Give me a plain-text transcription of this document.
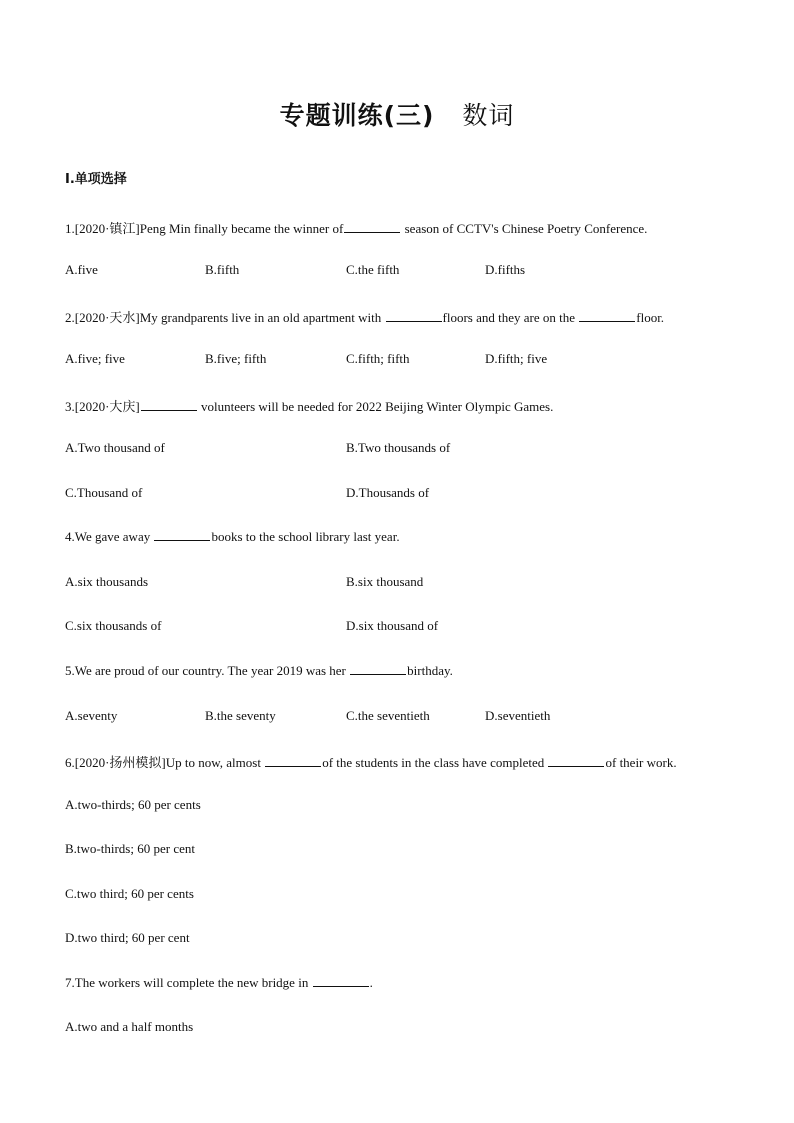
专题训练(三) 数词
Ⅰ.单项选择
1.[2020·镇江]Peng Min finally became the winner of	season of CCTV's Chinese Poetry Conference.
A.five	B.fifth	C.the fifth	D.fifths
2.[2020·天水]My grandparents live in an old apartment with	floors and they are on the	floor.
A.five; five	B.five; fifth	C.fifth; fifth	D.fifth; five
3.[2020·大庆]	volunteers will be needed for 2022 Beijing Winter Olympic Games.
A.Two thousand of	B.Two thousands of
C.Thousand of	D.Thousands of
4.We gave away	books to the school library last year.
A.six thousands	B.six thousand
C.six thousands of	D.six thousand of
5.We are proud of our country. The year 2019 was her	birthday.
A.seventy	B.the seventy	C.the seventieth	D.seventieth
6.[2020·扬州模拟]Up to now, almost	of the students in the class have completed	of their work.
A.two-thirds; 60 per cents
B.two-thirds; 60 per cent
C.two third; 60 per cents
D.two third; 60 per cent
7.The workers will complete the new bridge in	.
A.two and a half months
